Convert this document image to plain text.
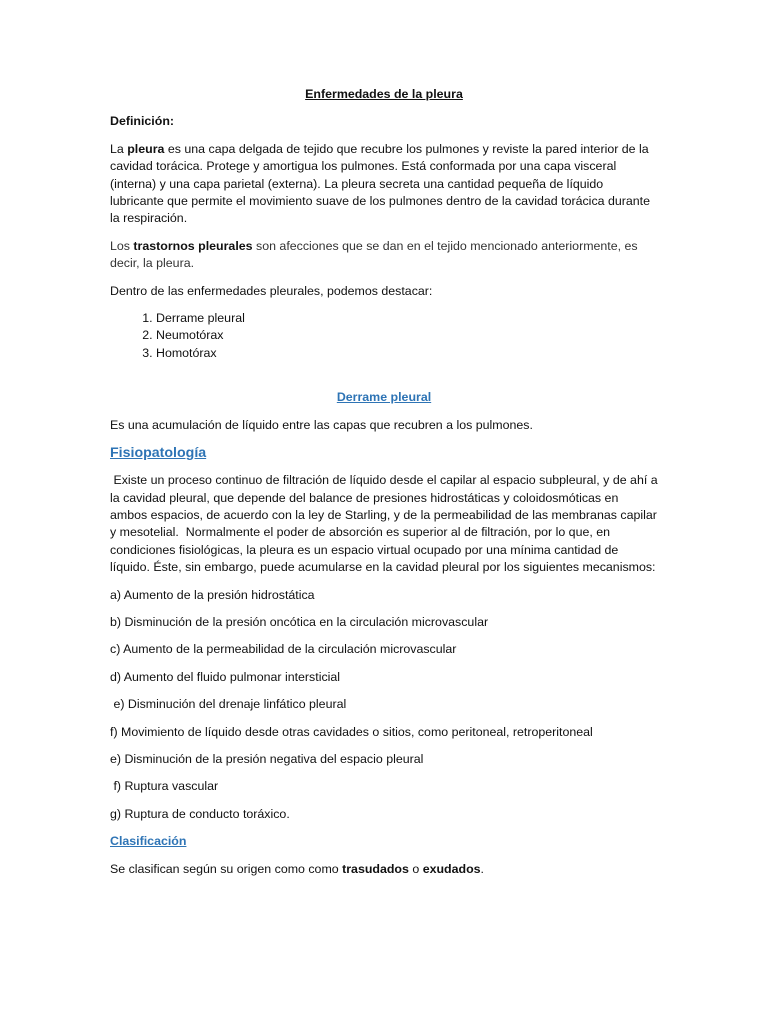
Enfermedades de la pleura

Definición:

La pleura es una capa delgada de tejido que recubre los pulmones y reviste la pared interior de la cavidad torácica. Protege y amortigua los pulmones. Está conformada por una capa visceral (interna) y una capa parietal (externa). La pleura secreta una cantidad pequeña de líquido lubricante que permite el movimiento suave de los pulmones dentro de la cavidad torácica durante la respiración.

Los trastornos pleurales son afecciones que se dan en el tejido mencionado anteriormente, es decir, la pleura.

Dentro de las enfermedades pleurales, podemos destacar:

1. Derrame pleural
2. Neumotórax
3. Homotórax

Derrame pleural

Es una acumulación de líquido entre las capas que recubren a los pulmones.

Fisiopatología

Existe un proceso continuo de filtración de líquido desde el capilar al espacio subpleural, y de ahí a la cavidad pleural, que depende del balance de presiones hidrostáticas y coloidosmóticas en ambos espacios, de acuerdo con la ley de Starling, y de la permeabilidad de las membranas capilar y mesotelial.  Normalmente el poder de absorción es superior al de filtración, por lo que, en condiciones fisiológicas, la pleura es un espacio virtual ocupado por una mínima cantidad de líquido. Éste, sin embargo, puede acumularse en la cavidad pleural por los siguientes mecanismos:

a) Aumento de la presión hidrostática

b) Disminución de la presión oncótica en la circulación microvascular

c) Aumento de la permeabilidad de la circulación microvascular

d) Aumento del fluido pulmonar intersticial

e) Disminución del drenaje linfático pleural

f) Movimiento de líquido desde otras cavidades o sitios, como peritoneal, retroperitoneal

e) Disminución de la presión negativa del espacio pleural

f) Ruptura vascular

g) Ruptura de conducto toráxico.

Clasificación

Se clasifican según su origen como como trasudados o exudados.
